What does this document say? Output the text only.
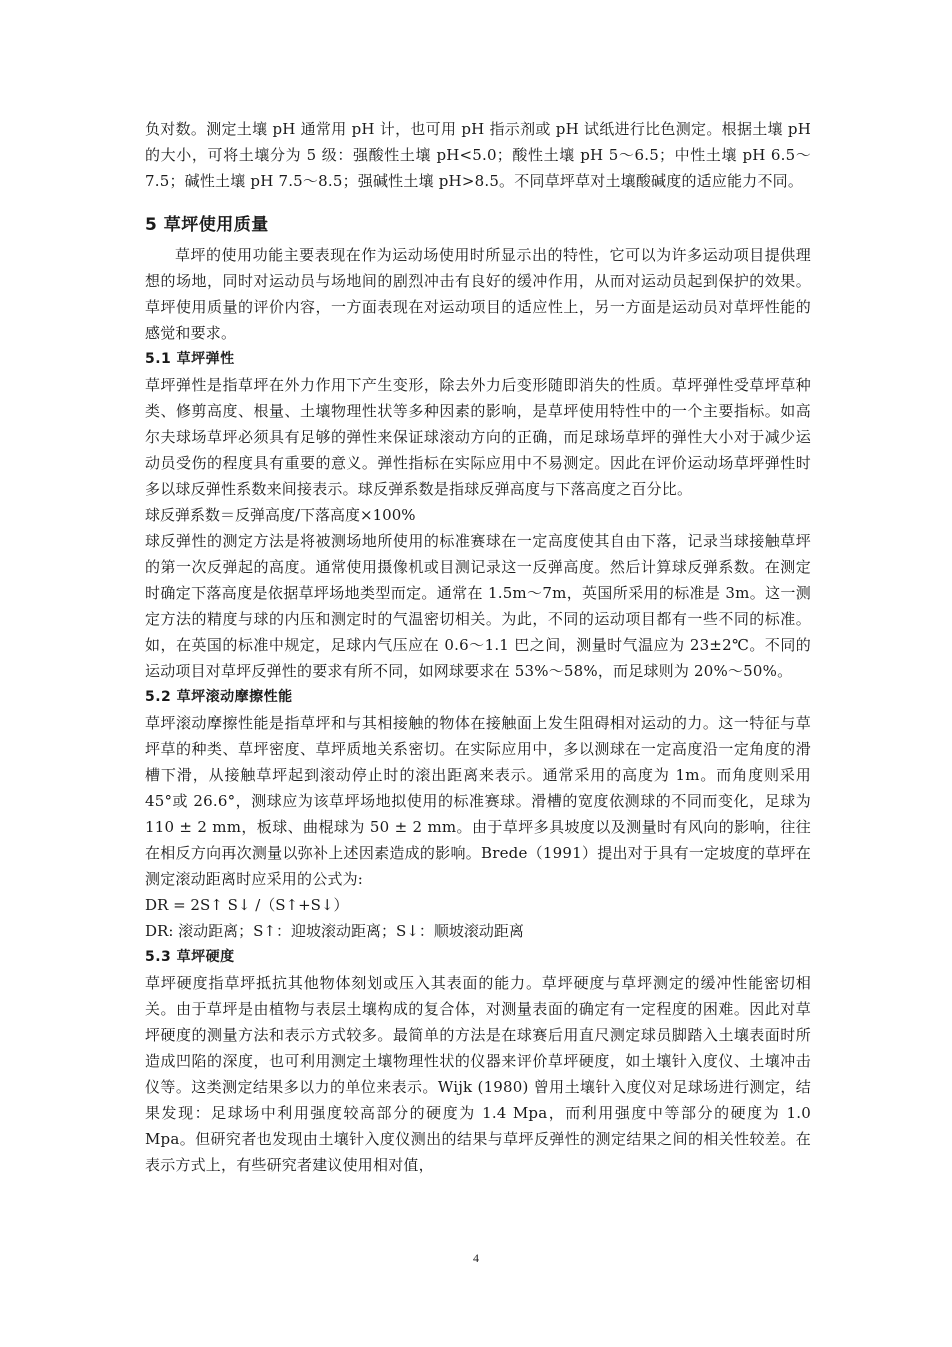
负对数。测定土壤 pH 通常用 pH 计，也可用 pH 指示剂或 pH 试纸进行比色测定。根据土壤 pH 的大小，可将土壤分为 5 级：强酸性土壤 pH<5.0；酸性土壤 pH 5～6.5；中性土壤 pH 6.5～7.5；碱性土壤 pH 7.5～8.5；强碱性土壤 pH>8.5。不同草坪草对土壤酸碱度的适应能力不同。

5 草坪使用质量

草坪的使用功能主要表现在作为运动场使用时所显示出的特性，它可以为许多运动项目提供理想的场地，同时对运动员与场地间的剧烈冲击有良好的缓冲作用，从而对运动员起到保护的效果。草坪使用质量的评价内容，一方面表现在对运动项目的适应性上，另一方面是运动员对草坪性能的感觉和要求。

5.1 草坪弹性

草坪弹性是指草坪在外力作用下产生变形，除去外力后变形随即消失的性质。草坪弹性受草坪草种类、修剪高度、根量、土壤物理性状等多种因素的影响，是草坪使用特性中的一个主要指标。如高尔夫球场草坪必须具有足够的弹性来保证球滚动方向的正确，而足球场草坪的弹性大小对于减少运动员受伤的程度具有重要的意义。弹性指标在实际应用中不易测定。因此在评价运动场草坪弹性时多以球反弹性系数来间接表示。球反弹系数是指球反弹高度与下落高度之百分比。

球反弹系数＝反弹高度/下落高度×100%

球反弹性的测定方法是将被测场地所使用的标准赛球在一定高度使其自由下落，记录当球接触草坪的第一次反弹起的高度。通常使用摄像机或目测记录这一反弹高度。然后计算球反弹系数。在测定时确定下落高度是依据草坪场地类型而定。通常在 1.5m～7m，英国所采用的标准是 3m。这一测定方法的精度与球的内压和测定时的气温密切相关。为此，不同的运动项目都有一些不同的标准。如，在英国的标准中规定，足球内气压应在 0.6～1.1 巴之间，测量时气温应为 23±2℃。不同的运动项目对草坪反弹性的要求有所不同，如网球要求在 53%～58%，而足球则为 20%～50%。

5.2 草坪滚动摩擦性能

草坪滚动摩擦性能是指草坪和与其相接触的物体在接触面上发生阻碍相对运动的力。这一特征与草坪草的种类、草坪密度、草坪质地关系密切。在实际应用中，多以测球在一定高度沿一定角度的滑槽下滑，从接触草坪起到滚动停止时的滚出距离来表示。通常采用的高度为 1m。而角度则采用 45°或 26.6°，测球应为该草坪场地拟使用的标准赛球。滑槽的宽度依测球的不同而变化，足球为 110 ± 2 mm，板球、曲棍球为 50 ± 2 mm。由于草坪多具坡度以及测量时有风向的影响，往往在相反方向再次测量以弥补上述因素造成的影响。Brede（1991）提出对于具有一定坡度的草坪在测定滚动距离时应采用的公式为:

DR = 2S↑ S↓ /（S↑+S↓）
DR: 滚动距离；S↑：迎坡滚动距离；S↓：顺坡滚动距离
5.3 草坪硬度

草坪硬度指草坪抵抗其他物体刻划或压入其表面的能力。草坪硬度与草坪测定的缓冲性能密切相关。由于草坪是由植物与表层土壤构成的复合体，对测量表面的确定有一定程度的困难。因此对草坪硬度的测量方法和表示方式较多。最简单的方法是在球赛后用直尺测定球员脚踏入土壤表面时所造成凹陷的深度，也可利用测定土壤物理性状的仪器来评价草坪硬度，如土壤针入度仪、土壤冲击仪等。这类测定结果多以力的单位来表示。Wijk (1980) 曾用土壤针入度仪对足球场进行测定，结果发现：足球场中利用强度较高部分的硬度为 1.4 Mpa，而利用强度中等部分的硬度为 1.0 Mpa。但研究者也发现由土壤针入度仪测出的结果与草坪反弹性的测定结果之间的相关性较差。在表示方式上，有些研究者建议使用相对值，

4
